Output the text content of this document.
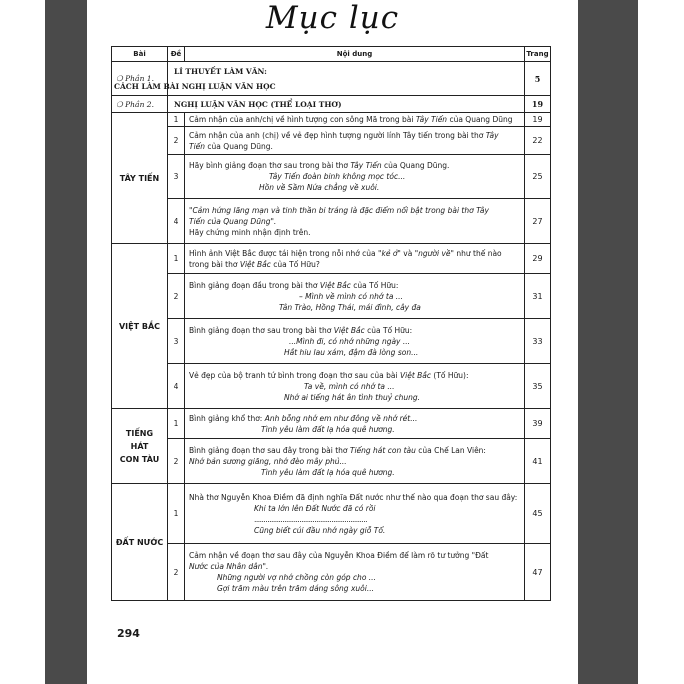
Mục lục
Bài	Đề	Nội dung	Trang
❍ Phần 1.	LÍ THUYẾT LÀM VĂN:
CÁCH LÀM BÀI NGHỊ LUẬN VĂN HỌC		5
❍ Phần 2.	NGHỊ LUẬN VĂN HỌC (THỂ LOẠI THƠ)		19
TÂY TIẾN	1	Cảm nhận của anh/chị về hình tượng con sông Mã trong bài Tây Tiến của Quang Dũng	19
	2	Cảm nhận của anh (chị) về vẻ đẹp hình tượng người lính Tây tiến trong bài thơ Tây
Tiến của Quang Dũng.	22
	3	Hãy bình giảng đoạn thơ sau trong bài thơ Tây Tiến của Quang Dũng.
Tây Tiến đoàn binh không mọc tóc...
Hồn về Sầm Nứa chẳng về xuôi.	25
	4	"Cảm hứng lãng mạn và tinh thần bi tráng là đặc điểm nổi bật trong bài thơ Tây
Tiến của Quang Dũng".
Hãy chứng minh nhận định trên.	27
VIỆT BẮC	1	Hình ảnh Việt Bắc được tái hiện trong nỗi nhớ của "kẻ ở" và "người về" như thế nào
trong bài thơ Việt Bắc của Tố Hữu?	29
	2	Bình giảng đoạn đầu trong bài thơ Việt Bắc của Tố Hữu:
– Mình về mình có nhớ ta ...
Tân Trào, Hồng Thái, mái đình, cây đa	31
	3	Bình giảng đoạn thơ sau trong bài thơ Việt Bắc của Tố Hữu:
...Mình đi, có nhớ những ngày ...
Hắt hiu lau xám, đậm đà lòng son...	33
	4	Vẻ đẹp của bộ tranh tứ bình trong đoạn thơ sau của bài Việt Bắc (Tố Hữu):
Ta về, mình có nhớ ta ...
Nhớ ai tiếng hát ân tình thuỷ chung.	35

TIẾNG
HÁT
CON TÀU	1	Bình giảng khổ thơ: Anh bỗng nhớ em như đông về nhớ rét...
Tình yêu làm đất lạ hóa quê hương.	39
	2	Bình giảng đoạn thơ sau đây trong bài thơ Tiếng hát con tàu của Chế Lan Viên:
Nhớ bản sương giăng, nhớ đèo mây phủ...
Tình yêu làm đất lạ hóa quê hương.	41
ĐẤT NƯỚC	1	Nhà thơ Nguyễn Khoa Điềm đã định nghĩa Đất nước như thế nào qua đoạn thơ sau đây:
Khi ta lớn lên Đất Nước đã có rồi
............................................................
Cũng biết cúi đầu nhớ ngày giỗ Tổ.	45
	2	Cảm nhận về đoạn thơ sau đây của Nguyễn Khoa Điềm để làm rõ tư tưởng "Đất
Nước của Nhân dân".
Những người vợ nhớ chồng còn góp cho ...
Gợi trăm màu trên trăm dáng sông xuôi...	47
294
